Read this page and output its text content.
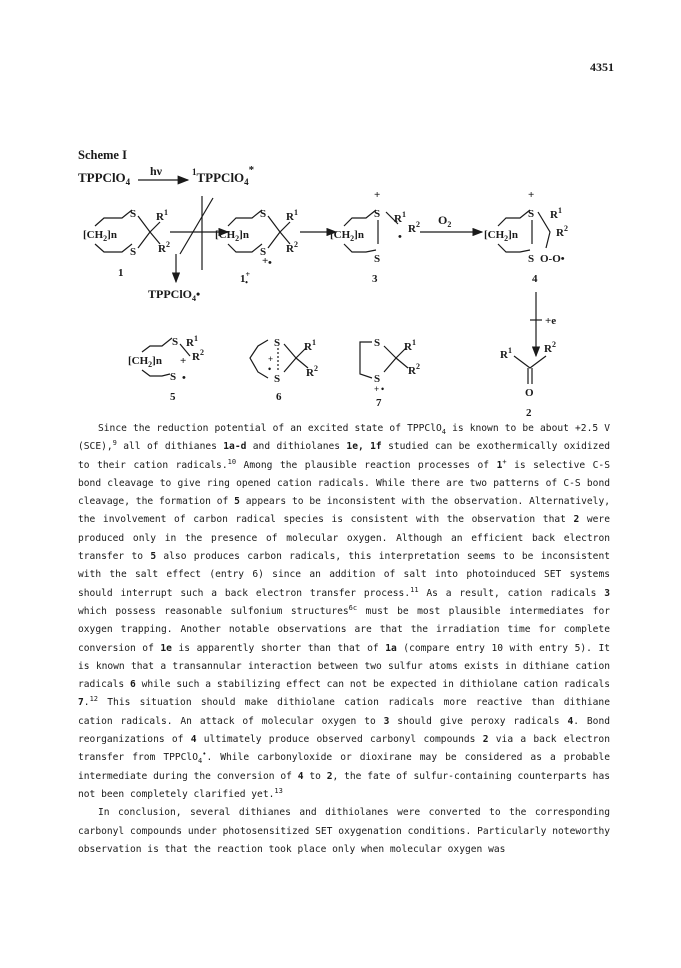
4351
Scheme I
TPPClO$_4$
hν	$^1$TPPClO$_4$*
S
S
$[CH_2]n$
$R^1$
$R^2$
1
TPPClO$_4$•
S
S
+ •
$[CH_2]n$
$R^1$
$R^2$
1+ •
S
+
S
$[CH_2]n$
$R^1$
$R^2$
•
3
$O_2$
S
+
S
$[CH_2]n$
$R^1$
$R^2$
O-O•
4
+e
$R^1$	$R^2$
O
2
S
S •
$[CH_2]n$ +
$R^1$
$R^2$
5
S
S
+
•
$R^1$
$R^2$
6
S
S
+ •
$R^1$
$R^2$
7

Since the reduction potential of an excited state of TPPClO$_4$ is known to be about +2.5 V (SCE),$^9$ all of dithianes 1a-d and dithiolanes 1e, 1f studied can be exothermically oxidized to their cation radicals.$^{10}$ Among the plausible reaction processes of 1+ is selective C-S bond cleavage to give ring opened cation radicals. While there are two patterns of C-S bond cleavage, the formation of 5 appears to be inconsistent with the observation. Alternatively, the involvement of carbon radical species is consistent with the observation that 2 were produced only in the presence of molecular oxygen. Although an efficient back electron transfer to 5 also produces carbon radicals, this interpretation seems to be inconsistent with the salt effect (entry 6) since an addition of salt into photoinduced SET systems should interrupt such a back electron transfer process.$^{11}$ As a result, cation radicals 3 which possess reasonable sulfonium structures$^{6c}$ must be most plausible intermediates for oxygen trapping. Another notable observations are that the irradiation time for complete conversion of 1e is apparently shorter than that of 1a (compare entry 10 with entry 5). It is known that a transannular interaction between two sulfur atoms exists in dithiane cation radicals 6 while such a stabilizing effect can not be expected in dithiolane cation radicals 7.12 This situation should make dithiolane cation radicals more reactive than dithiane cation radicals. An attack of molecular oxygen to 3 should give peroxy radicals 4. Bond reorganizations of 4 ultimately produce observed carbonyl compounds 2 via a back electron transfer from TPPClO$_4$•. While carbonyloxide or dioxirane may be considered as a probable intermediate during the conversion of 4 to 2, the fate of sulfur-containing counterparts has not been completely clarified yet.$^{13}$

In conclusion, several dithianes and dithiolanes were converted to the corresponding carbonyl compounds under photosensitized SET oxygenation conditions. Particularly noteworthy observation is that the reaction took place only when molecular oxygen was
